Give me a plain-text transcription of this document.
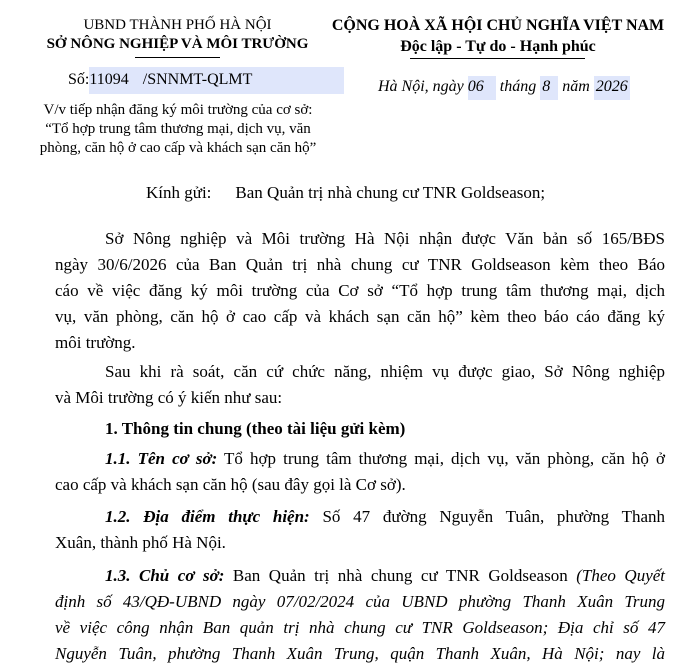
UBND THÀNH PHỐ HÀ NỘI
SỞ NÔNG NGHIỆP VÀ MÔI TRƯỜNG
Số:11094 /SNNMT-QLMT
V/v tiếp nhận đăng ký môi trường của cơ sở:
“Tổ hợp trung tâm thương mại, dịch vụ, văn
phòng, căn hộ ở cao cấp và khách sạn căn hộ”
CỘNG HOÀ XÃ HỘI CHỦ NGHĨA VIỆT NAM
Độc lập - Tự do - Hạnh phúc
Hà Nội, ngày 06 tháng 8 năm 2026
Kính gửi: Ban Quản trị nhà chung cư TNR Goldseason;
Sở Nông nghiệp và Môi trường Hà Nội nhận được Văn bản số 165/BĐS
ngày 30/6/2026 của Ban Quản trị nhà chung cư TNR Goldseason kèm theo Báo
cáo về việc đăng ký môi trường của Cơ sở “Tổ hợp trung tâm thương mại, dịch
vụ, văn phòng, căn hộ ở cao cấp và khách sạn căn hộ” kèm theo báo cáo đăng ký
môi trường.
Sau khi rà soát, căn cứ chức năng, nhiệm vụ được giao, Sở Nông nghiệp
và Môi trường có ý kiến như sau:
1. Thông tin chung (theo tài liệu gửi kèm)
1.1. Tên cơ sở: Tổ hợp trung tâm thương mại, dịch vụ, văn phòng, căn hộ ở
cao cấp và khách sạn căn hộ (sau đây gọi là Cơ sở).
1.2. Địa điểm thực hiện: Số 47 đường Nguyễn Tuân, phường Thanh
Xuân, thành phố Hà Nội.
1.3. Chủ cơ sở: Ban Quản trị nhà chung cư TNR Goldseason (Theo Quyết
định số 43/QĐ-UBND ngày 07/02/2024 của UBND phường Thanh Xuân Trung
về việc công nhận Ban quản trị nhà chung cư TNR Goldseason; Địa chỉ số 47
Nguyễn Tuân, phường Thanh Xuân Trung, quận Thanh Xuân, Hà Nội; nay là
